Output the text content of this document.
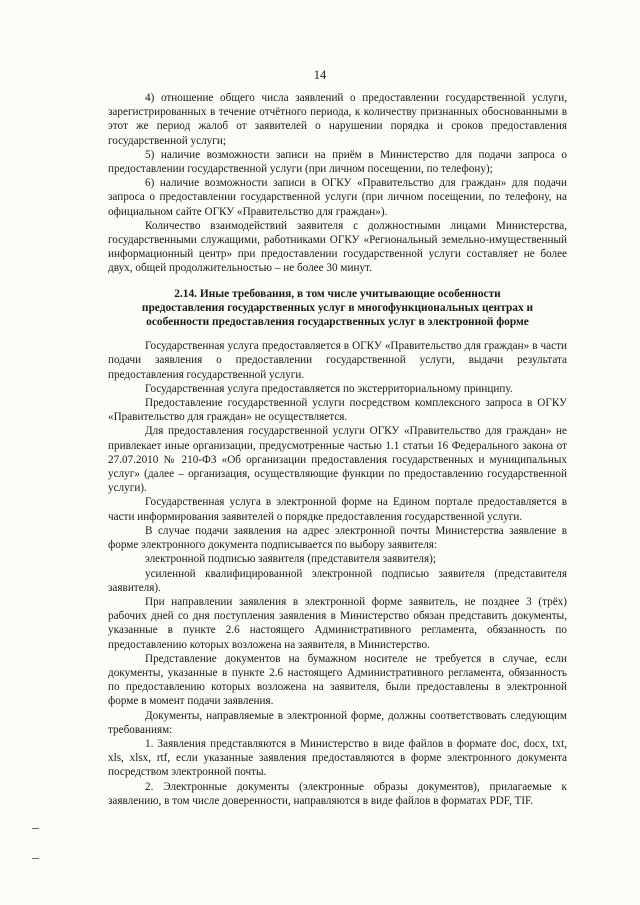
14

4) отношение общего числа заявлений о предоставлении государственной услуги, зарегистрированных в течение отчётного периода, к количеству признанных обоснованными в этот же период жалоб от заявителей о нарушении порядка и сроков предоставления государственной услуги;

5) наличие возможности записи на приём в Министерство для подачи запроса о предоставлении государственной услуги (при личном посещении, по телефону);

6) наличие возможности записи в ОГКУ «Правительство для граждан» для подачи запроса о предоставлении государственной услуги (при личном посещении, по телефону, на официальном сайте ОГКУ «Правительство для граждан»).

Количество взаимодействий заявителя с должностными лицами Министерства, государственными служащими, работниками ОГКУ «Региональный земельно-имущественный информационный центр» при предоставлении государственной услуги составляет не более двух, общей продолжительностью – не более 30 минут.

2.14. Иные требования, в том числе учитывающие особенности
предоставления государственных услуг в многофункциональных центрах и
особенности предоставления государственных услуг в электронной форме

Государственная услуга предоставляется в ОГКУ «Правительство для граждан» в части подачи заявления о предоставлении государственной услуги, выдачи результата предоставления государственной услуги.

Государственная услуга предоставляется по экстерриториальному принципу.

Предоставление государственной услуги посредством комплексного запроса в ОГКУ «Правительство для граждан» не осуществляется.

Для предоставления государственной услуги ОГКУ «Правительство для граждан» не привлекает иные организации, предусмотренные частью 1.1 статьи 16 Федерального закона от 27.07.2010 № 210-ФЗ «Об организации предоставления государственных и муниципальных услуг» (далее – организация, осуществляющие функции по предоставлению государственной услуги).

Государственная услуга в электронной форме на Едином портале предоставляется в части информирования заявителей о порядке предоставления государственной услуги.

В случае подачи заявления на адрес электронной почты Министерства заявление в форме электронного документа подписывается по выбору заявителя:

электронной подписью заявителя (представителя заявителя);

усиленной квалифицированной электронной подписью заявителя (представителя заявителя).

При направлении заявления в электронной форме заявитель, не позднее 3 (трёх) рабочих дней со дня поступления заявления в Министерство обязан представить документы, указанные в пункте 2.6 настоящего Административного регламента, обязанность по предоставлению которых возложена на заявителя, в Министерство.

Представление документов на бумажном носителе не требуется в случае, если документы, указанные в пункте 2.6 настоящего Административного регламента, обязанность по предоставлению которых возложена на заявителя, были предоставлены в электронной форме в момент подачи заявления.

Документы, направляемые в электронной форме, должны соответствовать следующим требованиям:

1. Заявления представляются в Министерство в виде файлов в формате doc, docx, txt, xls, xlsx, rtf, если указанные заявления предоставляются в форме электронного документа посредством электронной почты.

2. Электронные документы (электронные образы документов), прилагаемые к заявлению, в том числе доверенности, направляются в виде файлов в форматах PDF, TIF.
